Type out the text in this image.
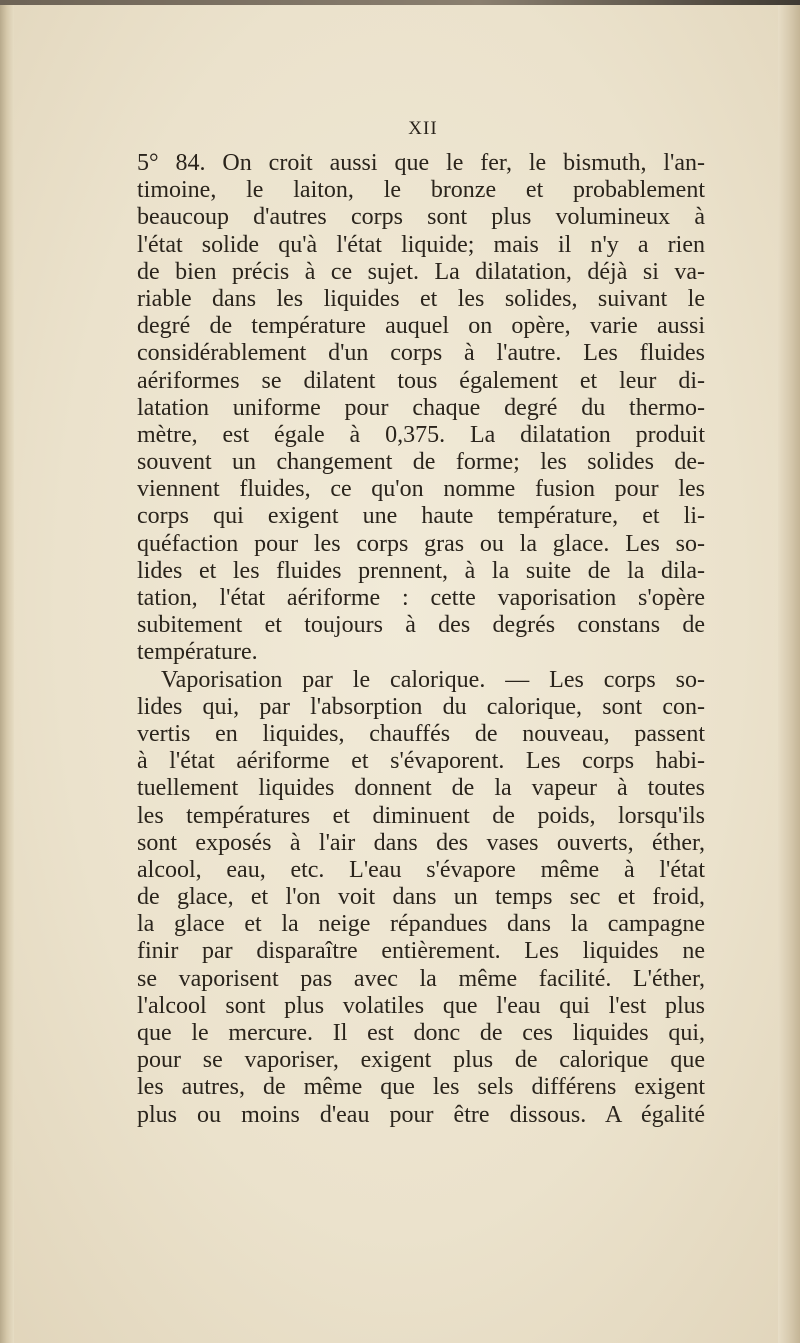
XII
5° 84. On croit aussi que le fer, le bismuth, l'an-
timoine, le laiton, le bronze et probablement
beaucoup d'autres corps sont plus volumineux à
l'état solide qu'à l'état liquide; mais il n'y a rien
de bien précis à ce sujet. La dilatation, déjà si va-
riable dans les liquides et les solides, suivant le
degré de température auquel on opère, varie aussi
considérablement d'un corps à l'autre. Les fluides
aériformes se dilatent tous également et leur di-
latation uniforme pour chaque degré du thermo-
mètre, est égale à 0,375. La dilatation produit
souvent un changement de forme; les solides de-
viennent fluides, ce qu'on nomme fusion pour les
corps qui exigent une haute température, et li-
quéfaction pour les corps gras ou la glace. Les so-
lides et les fluides prennent, à la suite de la dila-
tation, l'état aériforme : cette vaporisation s'opère
subitement et toujours à des degrés constans de
température.
Vaporisation par le calorique. — Les corps so-
lides qui, par l'absorption du calorique, sont con-
vertis en liquides, chauffés de nouveau, passent
à l'état aériforme et s'évaporent. Les corps habi-
tuellement liquides donnent de la vapeur à toutes
les températures et diminuent de poids, lorsqu'ils
sont exposés à l'air dans des vases ouverts, éther,
alcool, eau, etc. L'eau s'évapore même à l'état
de glace, et l'on voit dans un temps sec et froid,
la glace et la neige répandues dans la campagne
finir par disparaître entièrement. Les liquides ne
se vaporisent pas avec la même facilité. L'éther,
l'alcool sont plus volatiles que l'eau qui l'est plus
que le mercure. Il est donc de ces liquides qui,
pour se vaporiser, exigent plus de calorique que
les autres, de même que les sels différens exigent
plus ou moins d'eau pour être dissous. A égalité
